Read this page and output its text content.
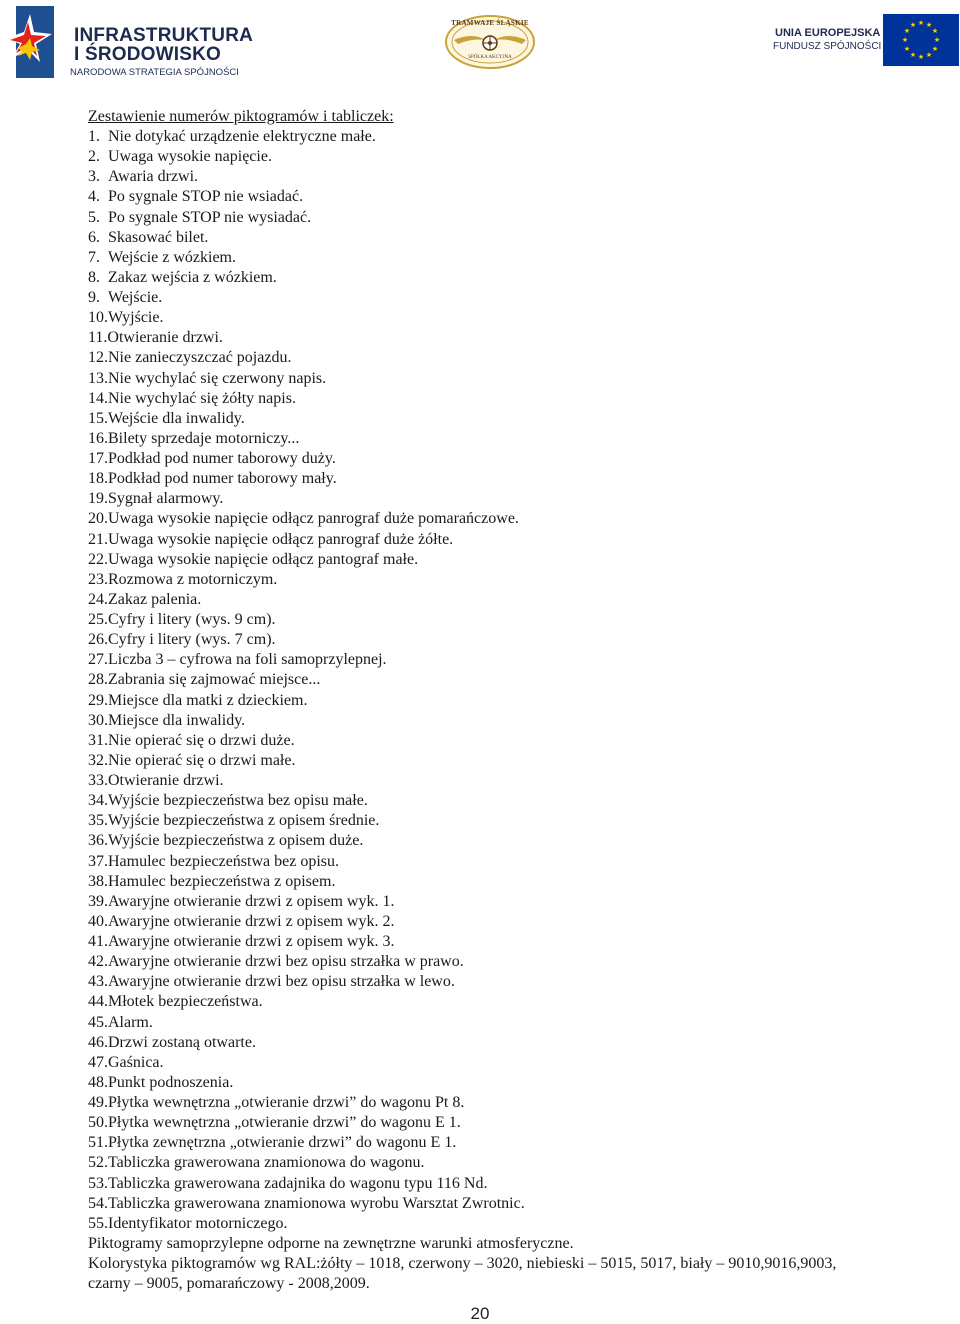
INFRASTRUKTURA
I ŚRODOWISKO
NARODOWA STRATEGIA SPÓJNOŚCI
TRAMWAJE ŚLĄSKIE
SPÓŁKA AKCYJNA
UNIA EUROPEJSKA
FUNDUSZ SPÓJNOŚCI
★ ★
★
★
★
★
★
★
★
★
★
★
Zestawienie numerów piktogramów i tabliczek:
1. Nie dotykać urządzenie elektryczne małe.
2. Uwaga wysokie napięcie.
3. Awaria drzwi.
4. Po sygnale STOP nie wsiadać.
5. Po sygnale STOP nie wysiadać.
6. Skasować bilet.
7. Wejście z wózkiem.
8. Zakaz wejścia z wózkiem.
9. Wejście.
10.Wyjście.
11.Otwieranie drzwi.
12.Nie zanieczyszczać pojazdu.
13.Nie wychylać się czerwony napis.
14.Nie wychylać się żółty napis.
15.Wejście dla inwalidy.
16.Bilety sprzedaje motorniczy...
17.Podkład pod numer taborowy duży.
18.Podkład pod numer taborowy mały.
19.Sygnał alarmowy.
20.Uwaga wysokie napięcie odłącz panrograf duże pomarańczowe.
21.Uwaga wysokie napięcie odłącz panrograf duże żółte.
22.Uwaga wysokie napięcie odłącz pantograf małe.
23.Rozmowa z motorniczym.
24.Zakaz palenia.
25.Cyfry i litery (wys. 9 cm).
26.Cyfry i litery (wys. 7 cm).
27.Liczba 3 – cyfrowa na foli samoprzylepnej.
28.Zabrania się zajmować miejsce...
29.Miejsce dla matki z dzieckiem.
30.Miejsce dla inwalidy.
31.Nie opierać się o drzwi duże.
32.Nie opierać się o drzwi małe.
33.Otwieranie drzwi.
34.Wyjście bezpieczeństwa bez opisu małe.
35.Wyjście bezpieczeństwa z opisem średnie.
36.Wyjście bezpieczeństwa z opisem duże.
37.Hamulec bezpieczeństwa bez opisu.
38.Hamulec bezpieczeństwa z opisem.
39.Awaryjne otwieranie drzwi z opisem wyk. 1.
40.Awaryjne otwieranie drzwi z opisem wyk. 2.
41.Awaryjne otwieranie drzwi z opisem wyk. 3.
42.Awaryjne otwieranie drzwi bez opisu strzałka w prawo.
43.Awaryjne otwieranie drzwi bez opisu strzałka w lewo.
44.Młotek bezpieczeństwa.
45.Alarm.
46.Drzwi zostaną otwarte.
47.Gaśnica.
48.Punkt podnoszenia.
49.Płytka wewnętrzna „otwieranie drzwi” do wagonu Pt 8.
50.Płytka wewnętrzna „otwieranie drzwi” do wagonu E 1.
51.Płytka zewnętrzna „otwieranie drzwi” do wagonu E 1.
52.Tabliczka grawerowana znamionowa do wagonu.
53.Tabliczka grawerowana zadajnika do wagonu typu 116 Nd.
54.Tabliczka grawerowana znamionowa wyrobu Warsztat Zwrotnic.
55.Identyfikator motorniczego.

Piktogramy samoprzylepne odporne na zewnętrzne warunki atmosferyczne.

Kolorystyka piktogramów wg RAL:żółty – 1018, czerwony – 3020, niebieski – 5015, 5017, biały – 9010,9016,9003,

czarny – 9005, pomarańczowy - 2008,2009.

20
